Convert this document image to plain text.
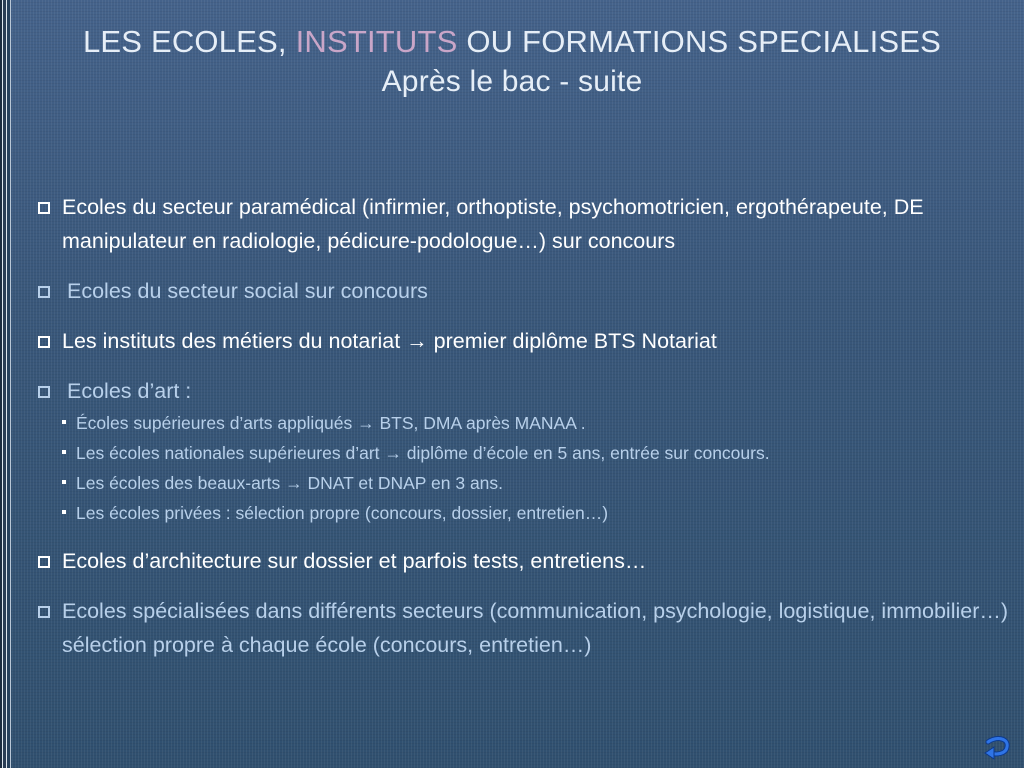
LES ECOLES, INSTITUTS OU FORMATIONS SPECIALISES
Après le bac - suite
Ecoles du secteur paramédical (infirmier, orthoptiste, psychomotricien, ergothérapeute, DE manipulateur en radiologie, pédicure-podologue…) sur concours
Ecoles du secteur social sur concours
Les instituts des métiers du notariat → premier diplôme BTS Notariat
Ecoles d’art :
Écoles supérieures d’arts appliqués → BTS, DMA après MANAA .
Les écoles nationales supérieures d’art → diplôme d’école en 5 ans, entrée sur concours.
Les écoles des beaux-arts → DNAT et DNAP en 3 ans.
Les écoles privées : sélection propre (concours, dossier, entretien…)
Ecoles d’architecture sur dossier et parfois tests, entretiens…
Ecoles spécialisées dans différents secteurs (communication, psychologie, logistique, immobilier…) sélection propre à chaque école (concours, entretien…)
